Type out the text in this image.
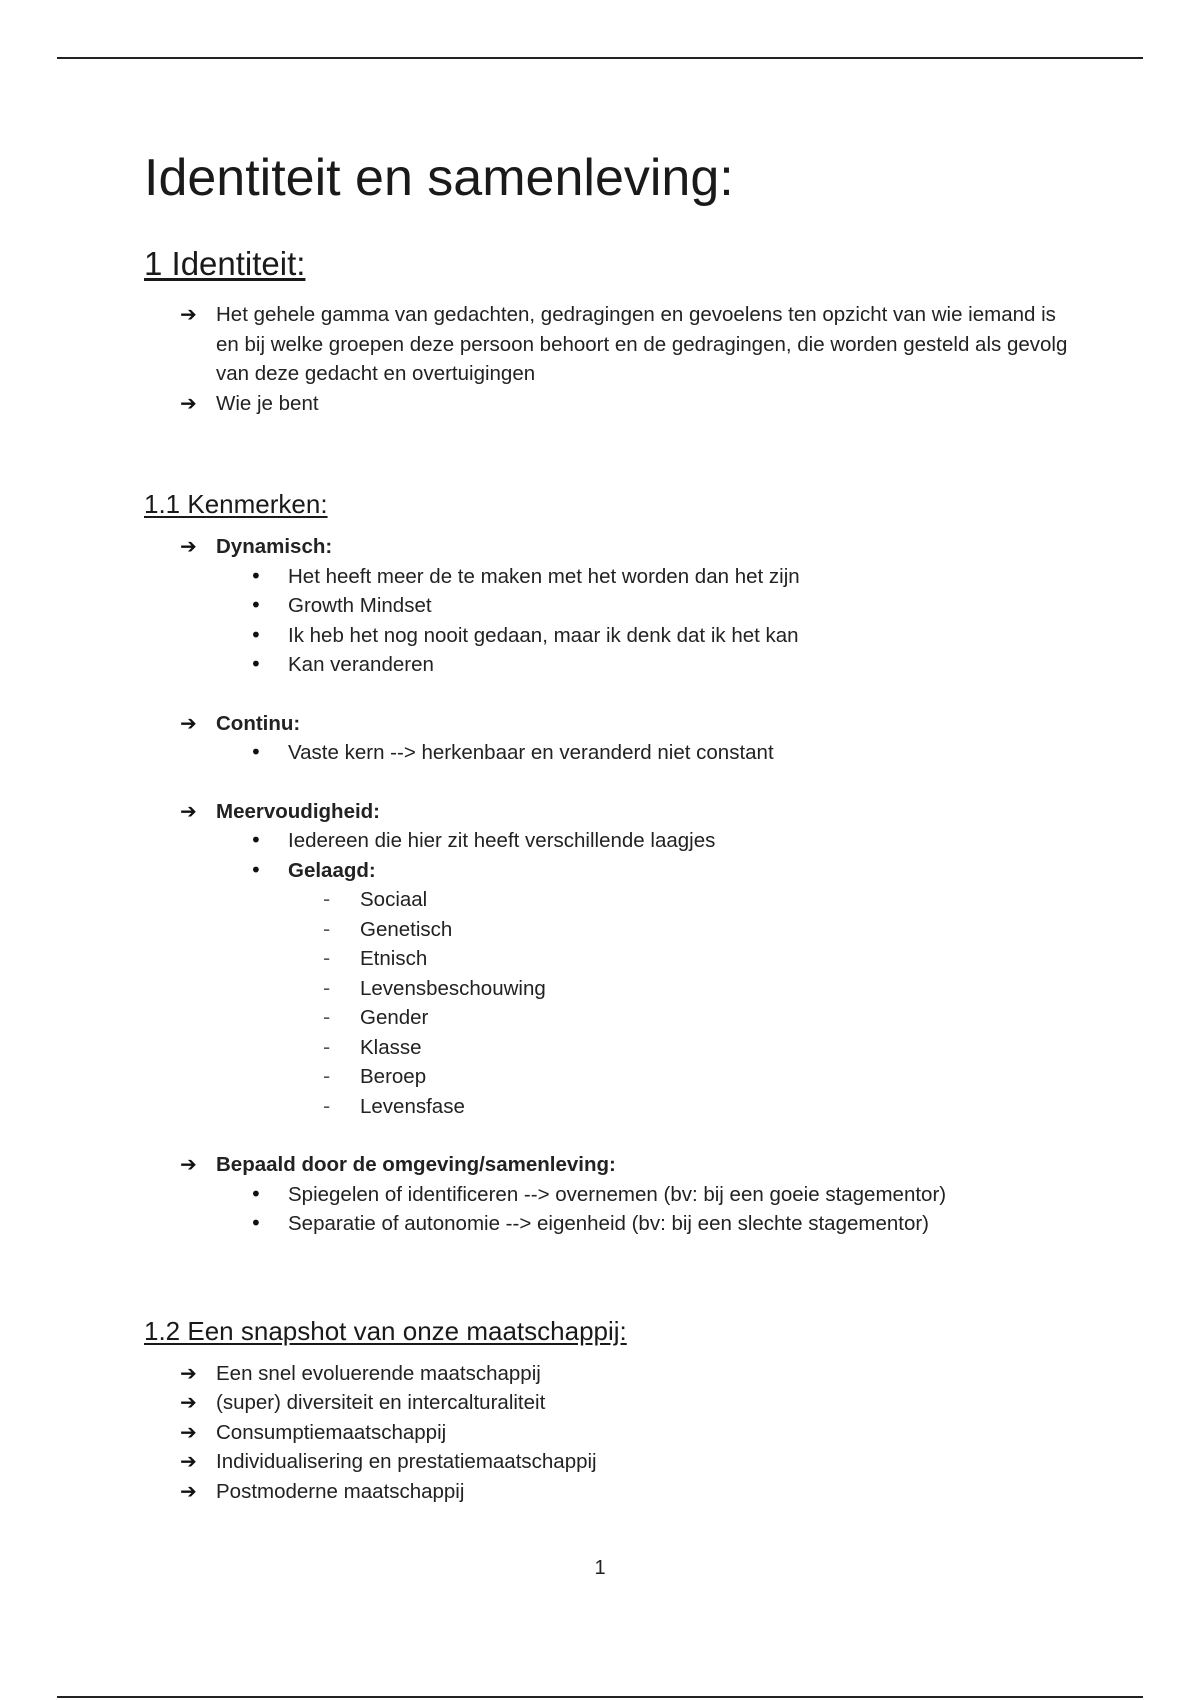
Identiteit en samenleving:
1 Identiteit:
➔ Het gehele gamma van gedachten, gedragingen en gevoelens ten opzicht van wie iemand is en bij welke groepen deze persoon behoort en de gedragingen, die worden gesteld als gevolg van deze gedacht en overtuigingen
➔ Wie je bent
1.1 Kenmerken:
➔ Dynamisch:
• Het heeft meer de te maken met het worden dan het zijn
• Growth Mindset
• Ik heb het nog nooit gedaan, maar ik denk dat ik het kan
• Kan veranderen
➔ Continu:
• Vaste kern --> herkenbaar en veranderd niet constant
➔ Meervoudigheid:
• Iedereen die hier zit heeft verschillende laagjes
• Gelaagd:
- Sociaal
- Genetisch
- Etnisch
- Levensbeschouwing
- Gender
- Klasse
- Beroep
- Levensfase
➔ Bepaald door de omgeving/samenleving:
• Spiegelen of identificeren --> overnemen (bv: bij een goeie stagementor)
• Separatie of autonomie --> eigenheid (bv: bij een slechte stagementor)
1.2 Een snapshot van onze maatschappij:
➔ Een snel evoluerende maatschappij
➔ (super) diversiteit en intercalturaliteit
➔ Consumptiemaatschappij
➔ Individualisering en prestatiemaatschappij
➔ Postmoderne maatschappij
1
